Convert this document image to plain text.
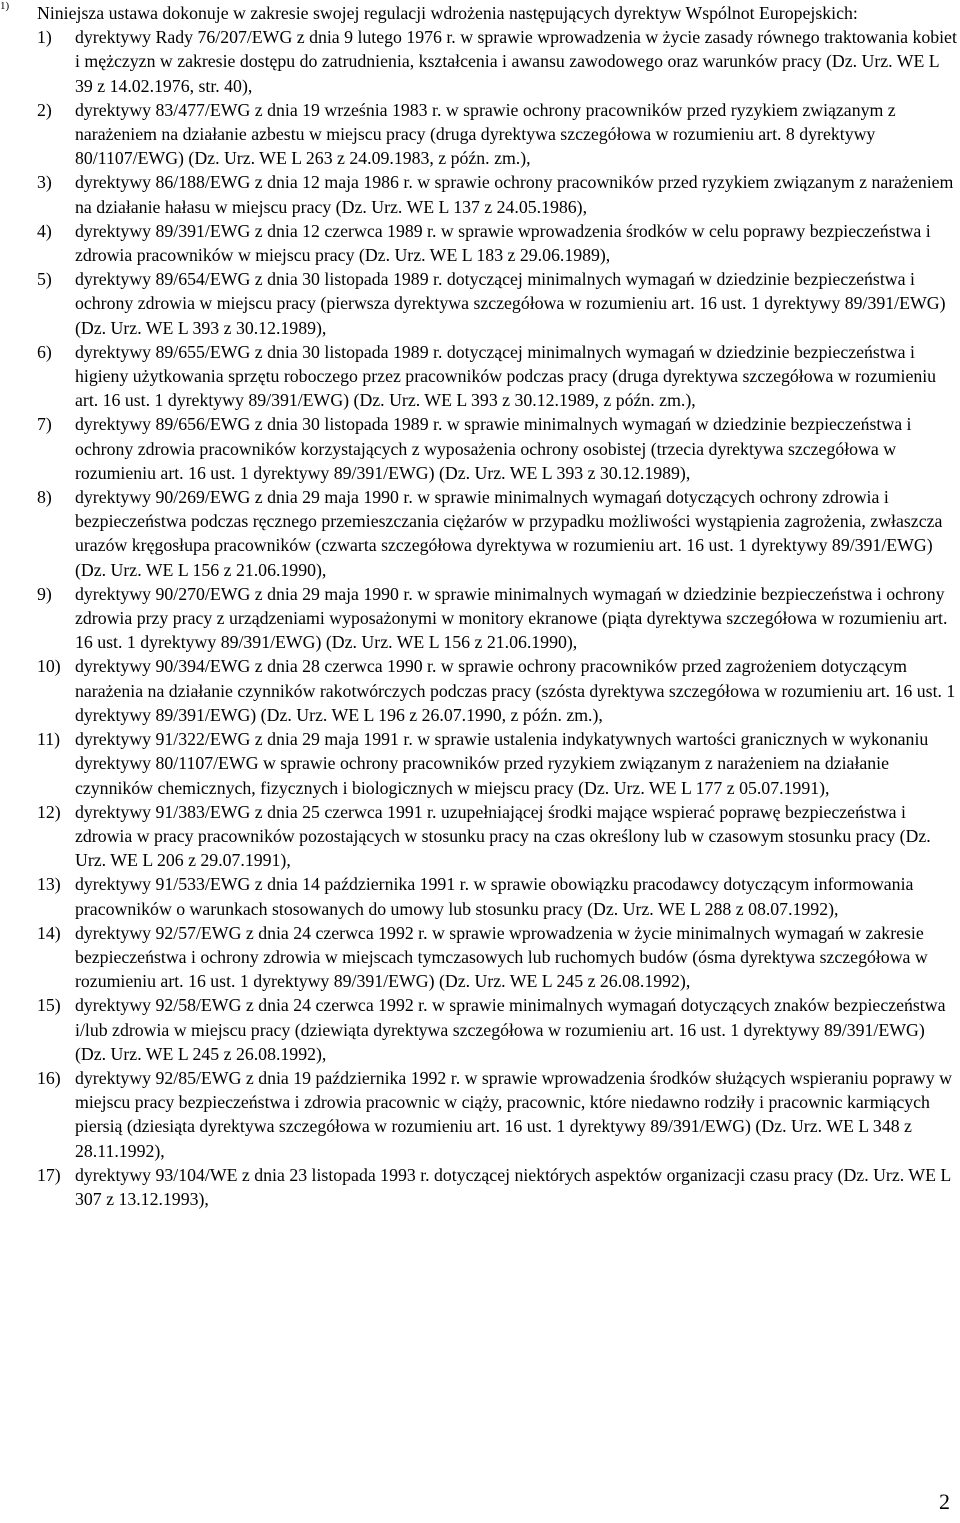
1) Niniejsza ustawa dokonuje w zakresie swojej regulacji wdrożenia następujących dyrektyw Wspólnot Europejskich:

1) dyrektywy Rady 76/207/EWG z dnia 9 lutego 1976 r. w sprawie wprowadzenia w życie zasady równego traktowania kobiet i mężczyzn w zakresie dostępu do zatrudnienia, kształcenia i awansu zawodowego oraz warunków pracy (Dz. Urz. WE L 39 z 14.02.1976, str. 40),
2) dyrektywy 83/477/EWG z dnia 19 września 1983 r. w sprawie ochrony pracowników przed ryzykiem związanym z narażeniem na działanie azbestu w miejscu pracy (druga dyrektywa szczegółowa w rozumieniu art. 8 dyrektywy 80/1107/EWG) (Dz. Urz. WE L 263 z 24.09.1983, z późn. zm.),
3) dyrektywy 86/188/EWG z dnia 12 maja 1986 r. w sprawie ochrony pracowników przed ryzykiem związanym z narażeniem na działanie hałasu w miejscu pracy (Dz. Urz. WE L 137 z 24.05.1986),
4) dyrektywy 89/391/EWG z dnia 12 czerwca 1989 r. w sprawie wprowadzenia środków w celu poprawy bezpieczeństwa i zdrowia pracowników w miejscu pracy (Dz. Urz. WE L 183 z 29.06.1989),
5) dyrektywy 89/654/EWG z dnia 30 listopada 1989 r. dotyczącej minimalnych wymagań w dziedzinie bezpieczeństwa i ochrony zdrowia w miejscu pracy (pierwsza dyrektywa szczegółowa w rozumieniu art. 16 ust. 1 dyrektywy 89/391/EWG) (Dz. Urz. WE L 393 z 30.12.1989),
6) dyrektywy 89/655/EWG z dnia 30 listopada 1989 r. dotyczącej minimalnych wymagań w dziedzinie bezpieczeństwa i higieny użytkowania sprzętu roboczego przez pracowników podczas pracy (druga dyrektywa szczegółowa w rozumieniu art. 16 ust. 1 dyrektywy 89/391/EWG) (Dz. Urz. WE L 393 z 30.12.1989, z późn. zm.),
7) dyrektywy 89/656/EWG z dnia 30 listopada 1989 r. w sprawie minimalnych wymagań w dziedzinie bezpieczeństwa i ochrony zdrowia pracowników korzystających z wyposażenia ochrony osobistej (trzecia dyrektywa szczegółowa w rozumieniu art. 16 ust. 1 dyrektywy 89/391/EWG) (Dz. Urz. WE L 393 z 30.12.1989),
8) dyrektywy 90/269/EWG z dnia 29 maja 1990 r. w sprawie minimalnych wymagań dotyczących ochrony zdrowia i bezpieczeństwa podczas ręcznego przemieszczania ciężarów w przypadku możliwości wystąpienia zagrożenia, zwłaszcza urazów kręgosłupa pracowników (czwarta szczegółowa dyrektywa w rozumieniu art. 16 ust. 1 dyrektywy 89/391/EWG) (Dz. Urz. WE L 156 z 21.06.1990),
9) dyrektywy 90/270/EWG z dnia 29 maja 1990 r. w sprawie minimalnych wymagań w dziedzinie bezpieczeństwa i ochrony zdrowia przy pracy z urządzeniami wyposażonymi w monitory ekranowe (piąta dyrektywa szczegółowa w rozumieniu art. 16 ust. 1 dyrektywy 89/391/EWG) (Dz. Urz. WE L 156 z 21.06.1990),
10) dyrektywy 90/394/EWG z dnia 28 czerwca 1990 r. w sprawie ochrony pracowników przed zagrożeniem dotyczącym narażenia na działanie czynników rakotwórczych podczas pracy (szósta dyrektywa szczegółowa w rozumieniu art. 16 ust. 1 dyrektywy 89/391/EWG) (Dz. Urz. WE L 196 z 26.07.1990, z późn. zm.),
11) dyrektywy 91/322/EWG z dnia 29 maja 1991 r. w sprawie ustalenia indykatywnych wartości granicznych w wykonaniu dyrektywy 80/1107/EWG w sprawie ochrony pracowników przed ryzykiem związanym z narażeniem na działanie czynników chemicznych, fizycznych i biologicznych w miejscu pracy (Dz. Urz. WE L 177 z 05.07.1991),
12) dyrektywy 91/383/EWG z dnia 25 czerwca 1991 r. uzupełniającej środki mające wspierać poprawę bezpieczeństwa i zdrowia w pracy pracowników pozostających w stosunku pracy na czas określony lub w czasowym stosunku pracy (Dz. Urz. WE L 206 z 29.07.1991),
13) dyrektywy 91/533/EWG z dnia 14 października 1991 r. w sprawie obowiązku pracodawcy dotyczącym informowania pracowników o warunkach stosowanych do umowy lub stosunku pracy (Dz. Urz. WE L 288 z 08.07.1992),
14) dyrektywy 92/57/EWG z dnia 24 czerwca 1992 r. w sprawie wprowadzenia w życie minimalnych wymagań w zakresie bezpieczeństwa i ochrony zdrowia w miejscach tymczasowych lub ruchomych budów (ósma dyrektywa szczegółowa w rozumieniu art. 16 ust. 1 dyrektywy 89/391/EWG) (Dz. Urz. WE L 245 z 26.08.1992),
15) dyrektywy 92/58/EWG z dnia 24 czerwca 1992 r. w sprawie minimalnych wymagań dotyczących znaków bezpieczeństwa i/lub zdrowia w miejscu pracy (dziewiąta dyrektywa szczegółowa w rozumieniu art. 16 ust. 1 dyrektywy 89/391/EWG) (Dz. Urz. WE L 245 z 26.08.1992),
16) dyrektywy 92/85/EWG z dnia 19 października 1992 r. w sprawie wprowadzenia środków służących wspieraniu poprawy w miejscu pracy bezpieczeństwa i zdrowia pracownic w ciąży, pracownic, które niedawno rodziły i pracownic karmiących piersią (dziesiąta dyrektywa szczegółowa w rozumieniu art. 16 ust. 1 dyrektywy 89/391/EWG) (Dz. Urz. WE L 348 z 28.11.1992),
17) dyrektywy 93/104/WE z dnia 23 listopada 1993 r. dotyczącej niektórych aspektów organizacji czasu pracy (Dz. Urz. WE L 307 z 13.12.1993),
2
